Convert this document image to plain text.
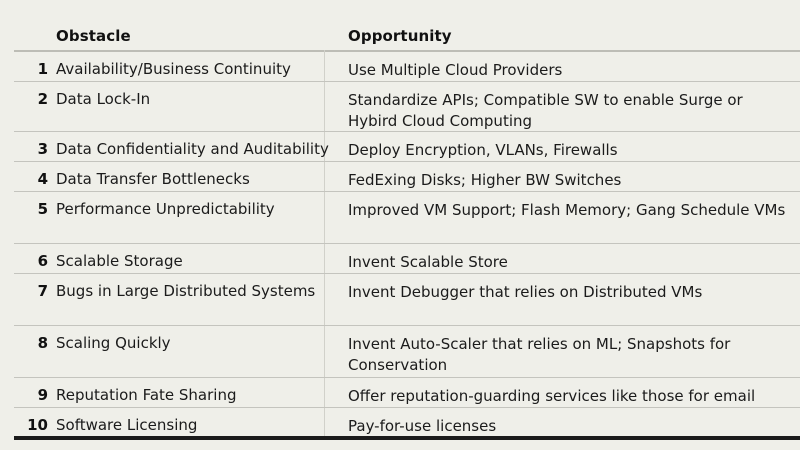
Obstacle	Opportunity
1 Availability/Business Continuity	Use Multiple Cloud Providers
2 Data Lock-In	Standardize APIs; Compatible SW to enable Surge or Hybird Cloud Computing
3 Data Confidentiality and Auditability	Deploy Encryption, VLANs, Firewalls
4 Data Transfer Bottlenecks	FedExing Disks; Higher BW Switches
5 Performance Unpredictability	Improved VM Support; Flash Memory; Gang Schedule VMs
6 Scalable Storage	Invent Scalable Store
7 Bugs in Large Distributed Systems	Invent Debugger that relies on Distributed VMs
8 Scaling Quickly	Invent Auto-Scaler that relies on ML; Snapshots for Conservation
9 Reputation Fate Sharing	Offer reputation-guarding services like those for email
10 Software Licensing	Pay-for-use licenses
